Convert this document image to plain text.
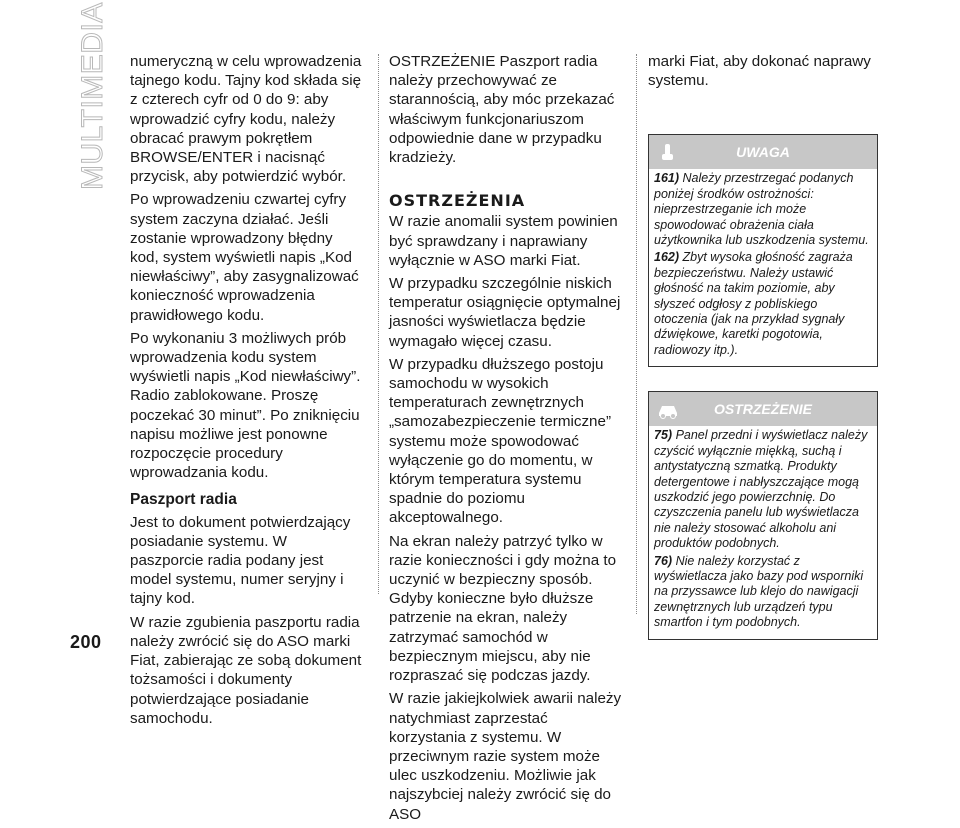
MULTIMEDIA
200

numeryczną w celu wprowadzenia tajnego kodu. Tajny kod składa się z czterech cyfr od 0 do 9: aby wprowadzić cyfry kodu, należy obracać prawym pokrętłem BROWSE/ENTER i nacisnąć przycisk, aby potwierdzić wybór.

Po wprowadzeniu czwartej cyfry system zaczyna działać. Jeśli zostanie wprowadzony błędny kod, system wyświetli napis „Kod niewłaściwy”, aby zasygnalizować konieczność wprowadzenia prawidłowego kodu.

Po wykonaniu 3 możliwych prób wprowadzenia kodu system wyświetli napis „Kod niewłaściwy”. Radio zablokowane. Proszę poczekać 30 minut”. Po zniknięciu napisu możliwe jest ponowne rozpoczęcie procedury wprowadzania kodu.

Paszport radia

Jest to dokument potwierdzający posiadanie systemu. W paszporcie radia podany jest model systemu, numer seryjny i tajny kod.

W razie zgubienia paszportu radia należy zwrócić się do ASO marki Fiat, zabierając ze sobą dokument tożsamości i dokumenty potwierdzające posiadanie samochodu.

OSTRZEŻENIE Paszport radia należy przechowywać ze starannością, aby móc przekazać właściwym funkcjonariuszom odpowiednie dane w przypadku kradzieży.

OSTRZEŻENIA

W razie anomalii system powinien być sprawdzany i naprawiany wyłącznie w ASO marki Fiat.

W przypadku szczególnie niskich temperatur osiągnięcie optymalnej jasności wyświetlacza będzie wymagało więcej czasu.

W przypadku dłuższego postoju samochodu w wysokich temperaturach zewnętrznych „samozabezpieczenie termiczne” systemu może spowodować wyłączenie go do momentu, w którym temperatura systemu spadnie do poziomu akceptowalnego.

Na ekran należy patrzyć tylko w razie konieczności i gdy można to uczynić w bezpieczny sposób. Gdyby konieczne było dłuższe patrzenie na ekran, należy zatrzymać samochód w bezpiecznym miejscu, aby nie rozpraszać się podczas jazdy.

W razie jakiejkolwiek awarii należy natychmiast zaprzestać korzystania z systemu. W przeciwnym razie system może ulec uszkodzeniu. Możliwie jak najszybciej należy zwrócić się do ASO

marki Fiat, aby dokonać naprawy systemu.

UWAGA

161) Należy przestrzegać podanych poniżej środków ostrożności: nieprzestrzeganie ich może spowodować obrażenia ciała użytkownika lub uszkodzenia systemu.

162) Zbyt wysoka głośność zagraża bezpieczeństwu. Należy ustawić głośność na takim poziomie, aby słyszeć odgłosy z pobliskiego otoczenia (jak na przykład sygnały dźwiękowe, karetki pogotowia, radiowozy itp.).

OSTRZEŻENIE

75) Panel przedni i wyświetlacz należy czyścić wyłącznie miękką, suchą i antystatyczną szmatką. Produkty detergentowe i nabłyszczające mogą uszkodzić jego powierzchnię. Do czyszczenia panelu lub wyświetlacza nie należy stosować alkoholu ani produktów podobnych.

76) Nie należy korzystać z wyświetlacza jako bazy pod wsporniki na przyssawce lub klejo do nawigacji zewnętrznych lub urządzeń typu smartfon i tym podobnych.
